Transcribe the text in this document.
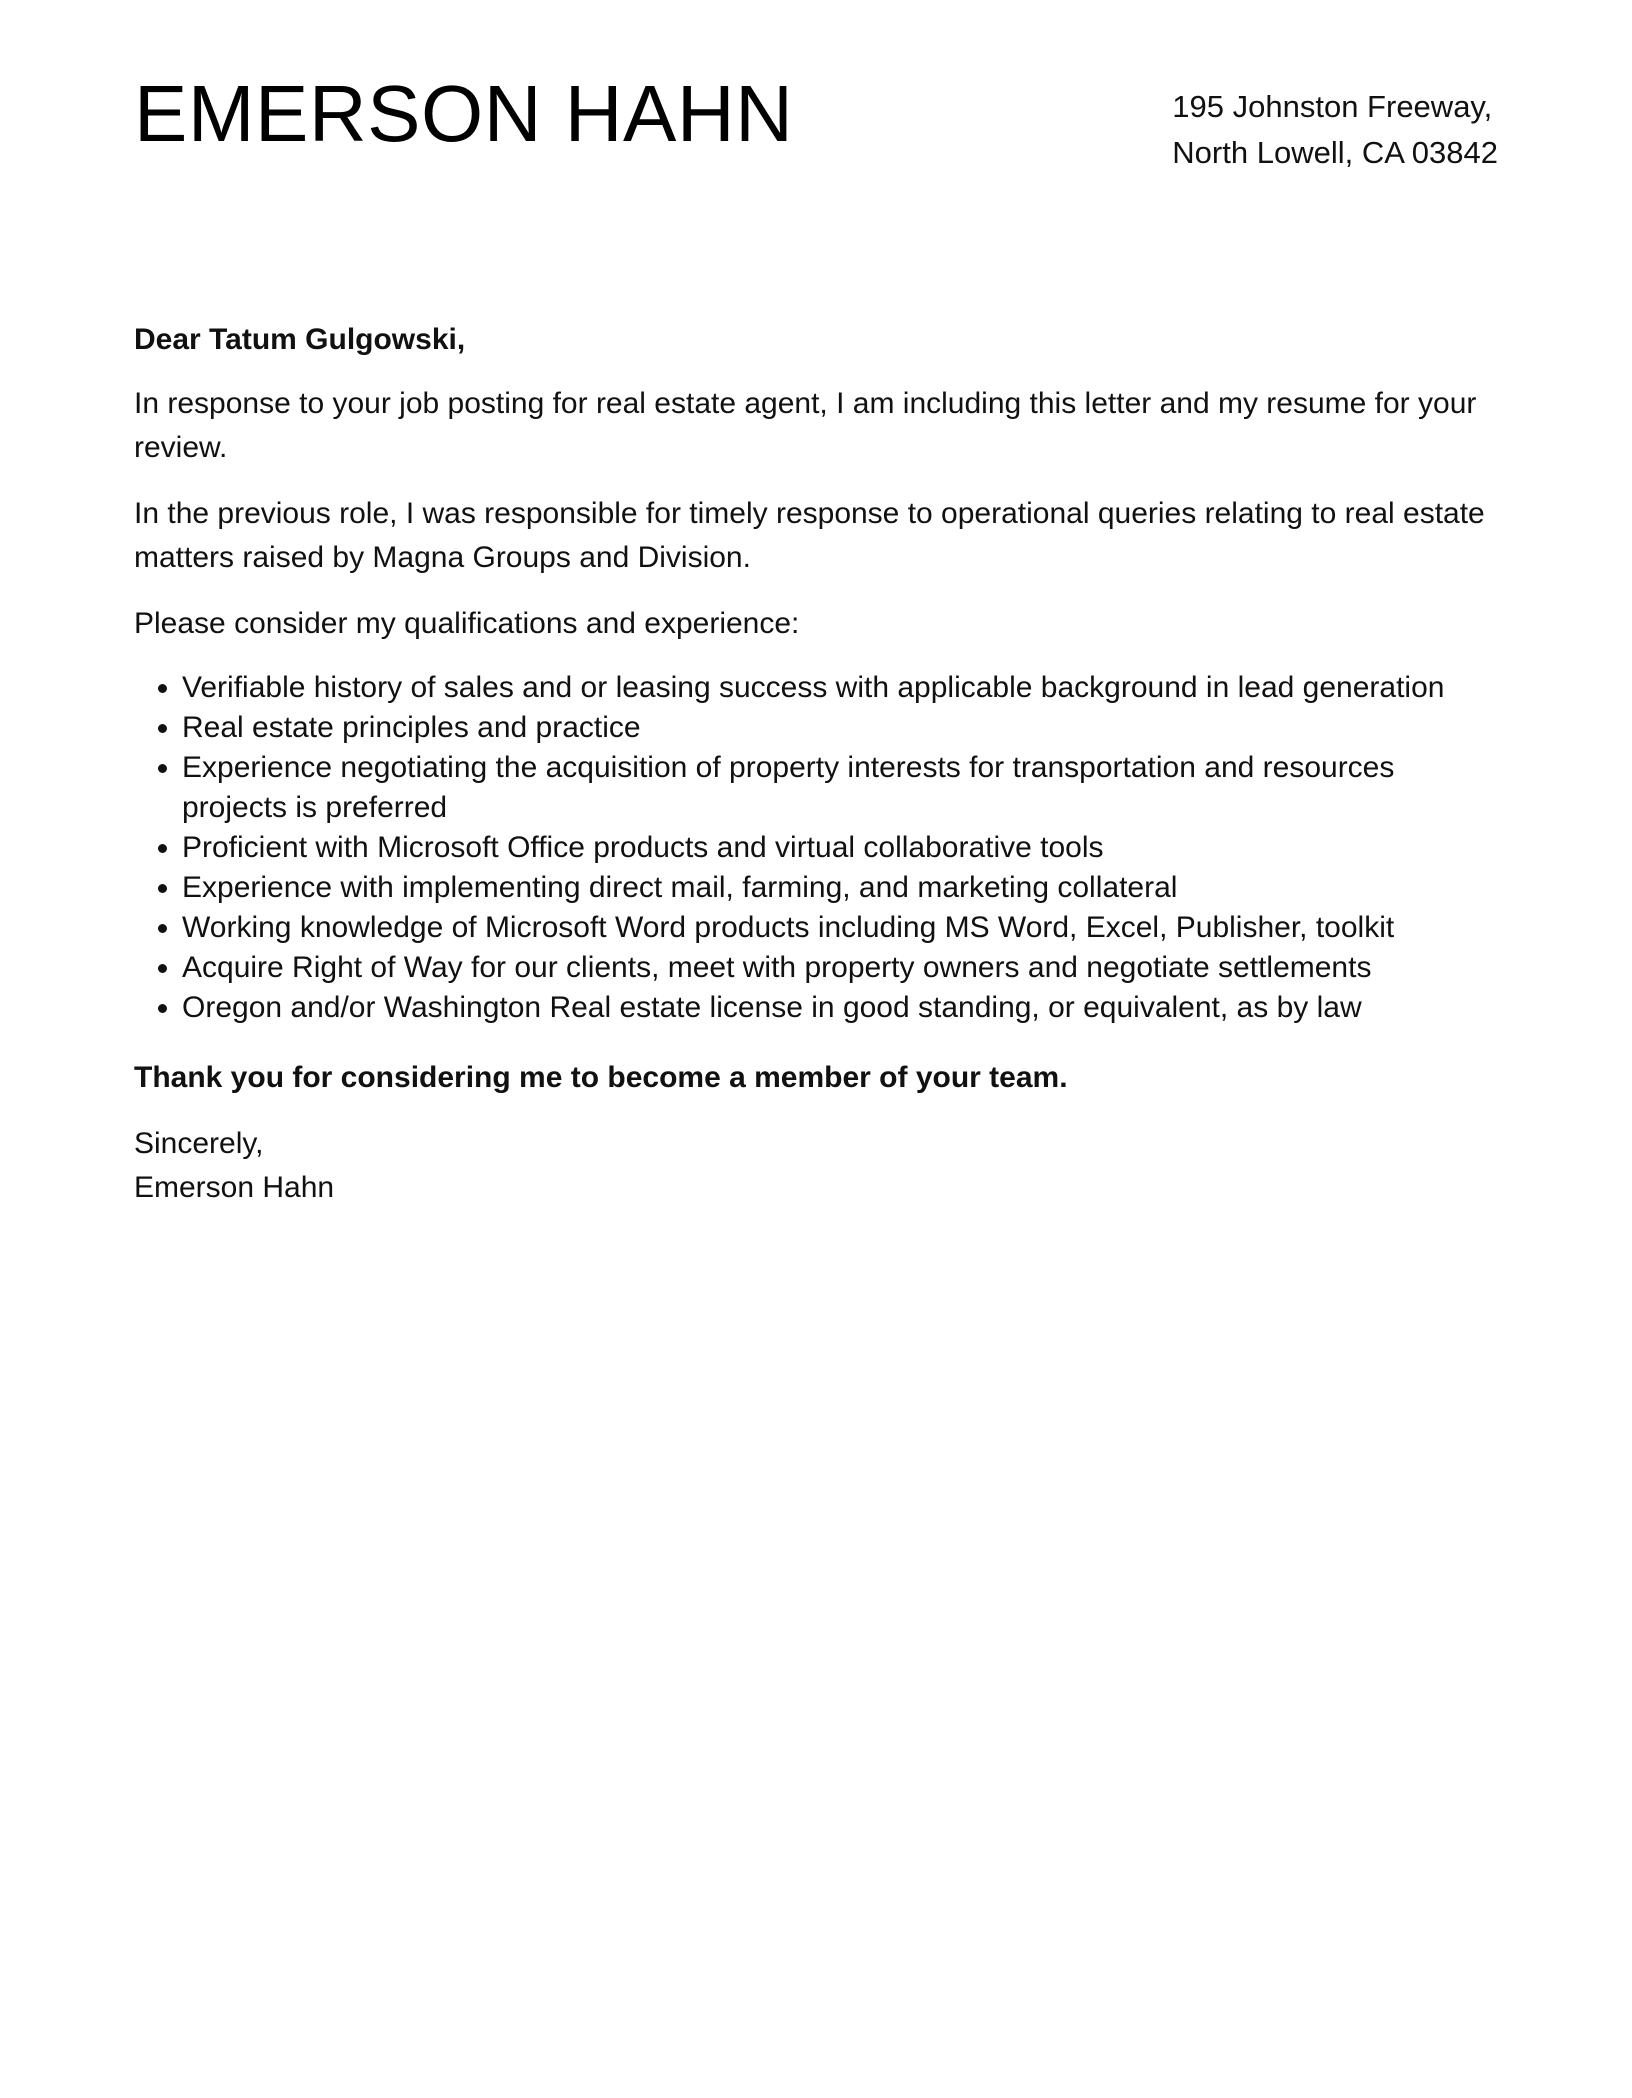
EMERSON HAHN	195 Johnston Freeway,
North Lowell, CA 03842

Dear Tatum Gulgowski,

In response to your job posting for real estate agent, I am including this letter and my resume for your review.

In the previous role, I was responsible for timely response to operational queries relating to real estate matters raised by Magna Groups and Division.

Please consider my qualifications and experience:

• Verifiable history of sales and or leasing success with applicable background in lead generation
• Real estate principles and practice
• Experience negotiating the acquisition of property interests for transportation and resources projects is preferred
• Proficient with Microsoft Office products and virtual collaborative tools
• Experience with implementing direct mail, farming, and marketing collateral
• Working knowledge of Microsoft Word products including MS Word, Excel, Publisher, toolkit
• Acquire Right of Way for our clients, meet with property owners and negotiate settlements
• Oregon and/or Washington Real estate license in good standing, or equivalent, as by law

Thank you for considering me to become a member of your team.

Sincerely,
Emerson Hahn
